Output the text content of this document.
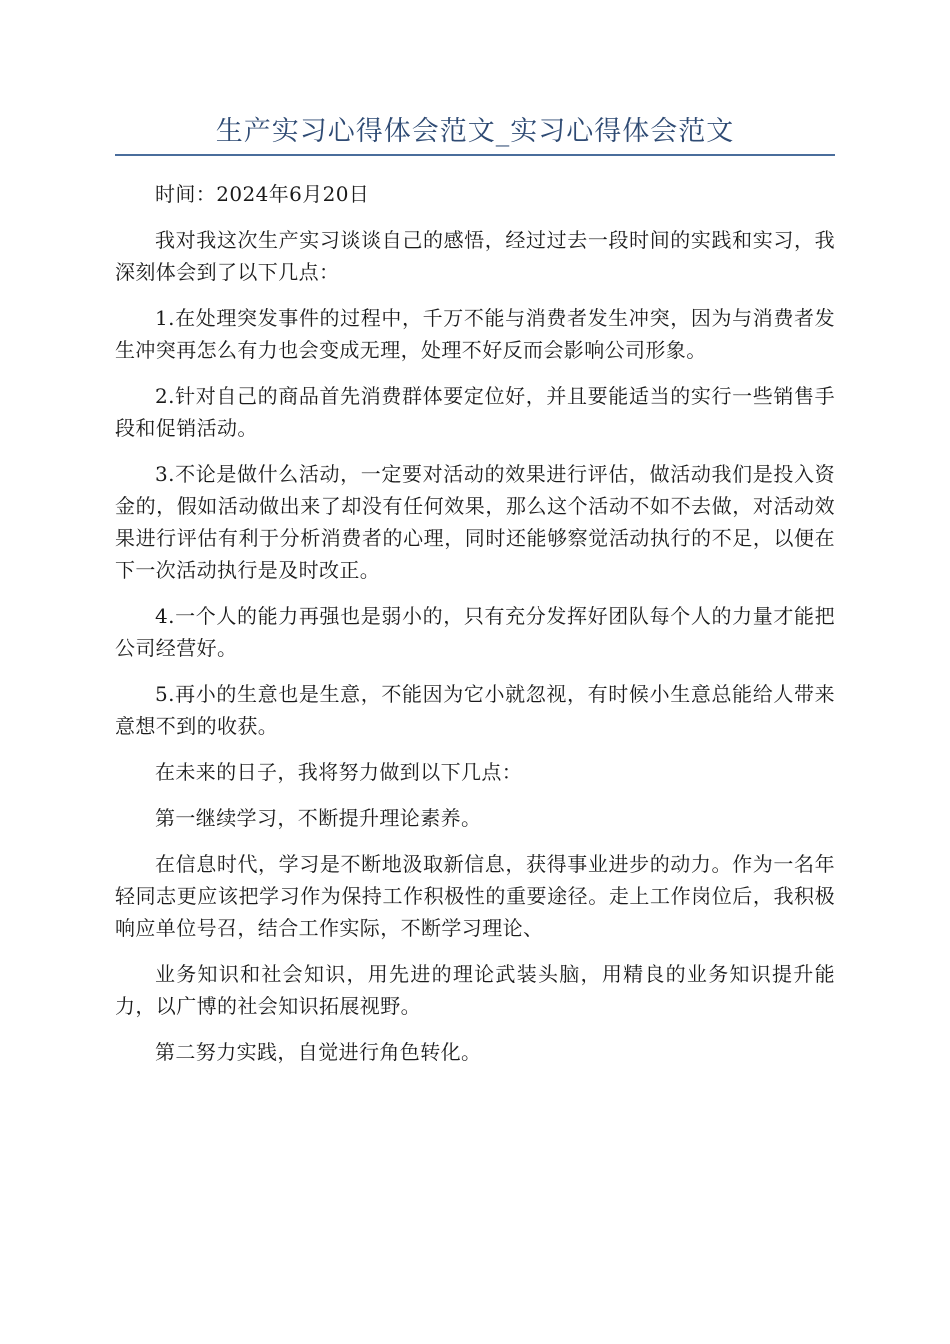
生产实习心得体会范文_实习心得体会范文

时间：2024年6月20日

我对我这次生产实习谈谈自己的感悟，经过过去一段时间的实践和实习，我深刻体会到了以下几点：

1.在处理突发事件的过程中，千万不能与消费者发生冲突，因为与消费者发生冲突再怎么有力也会变成无理，处理不好反而会影响公司形象。

2.针对自己的商品首先消费群体要定位好，并且要能适当的实行一些销售手段和促销活动。

3.不论是做什么活动，一定要对活动的效果进行评估，做活动我们是投入资金的，假如活动做出来了却没有任何效果，那么这个活动不如不去做，对活动效果进行评估有利于分析消费者的心理，同时还能够察觉活动执行的不足，以便在下一次活动执行是及时改正。

4.一个人的能力再强也是弱小的，只有充分发挥好团队每个人的力量才能把公司经营好。

5.再小的生意也是生意，不能因为它小就忽视，有时候小生意总能给人带来意想不到的收获。

在未来的日子，我将努力做到以下几点：

第一继续学习，不断提升理论素养。

在信息时代，学习是不断地汲取新信息，获得事业进步的动力。作为一名年轻同志更应该把学习作为保持工作积极性的重要途径。走上工作岗位后，我积极响应单位号召，结合工作实际，不断学习理论、

业务知识和社会知识，用先进的理论武装头脑，用精良的业务知识提升能力，以广博的社会知识拓展视野。

第二努力实践，自觉进行角色转化。
